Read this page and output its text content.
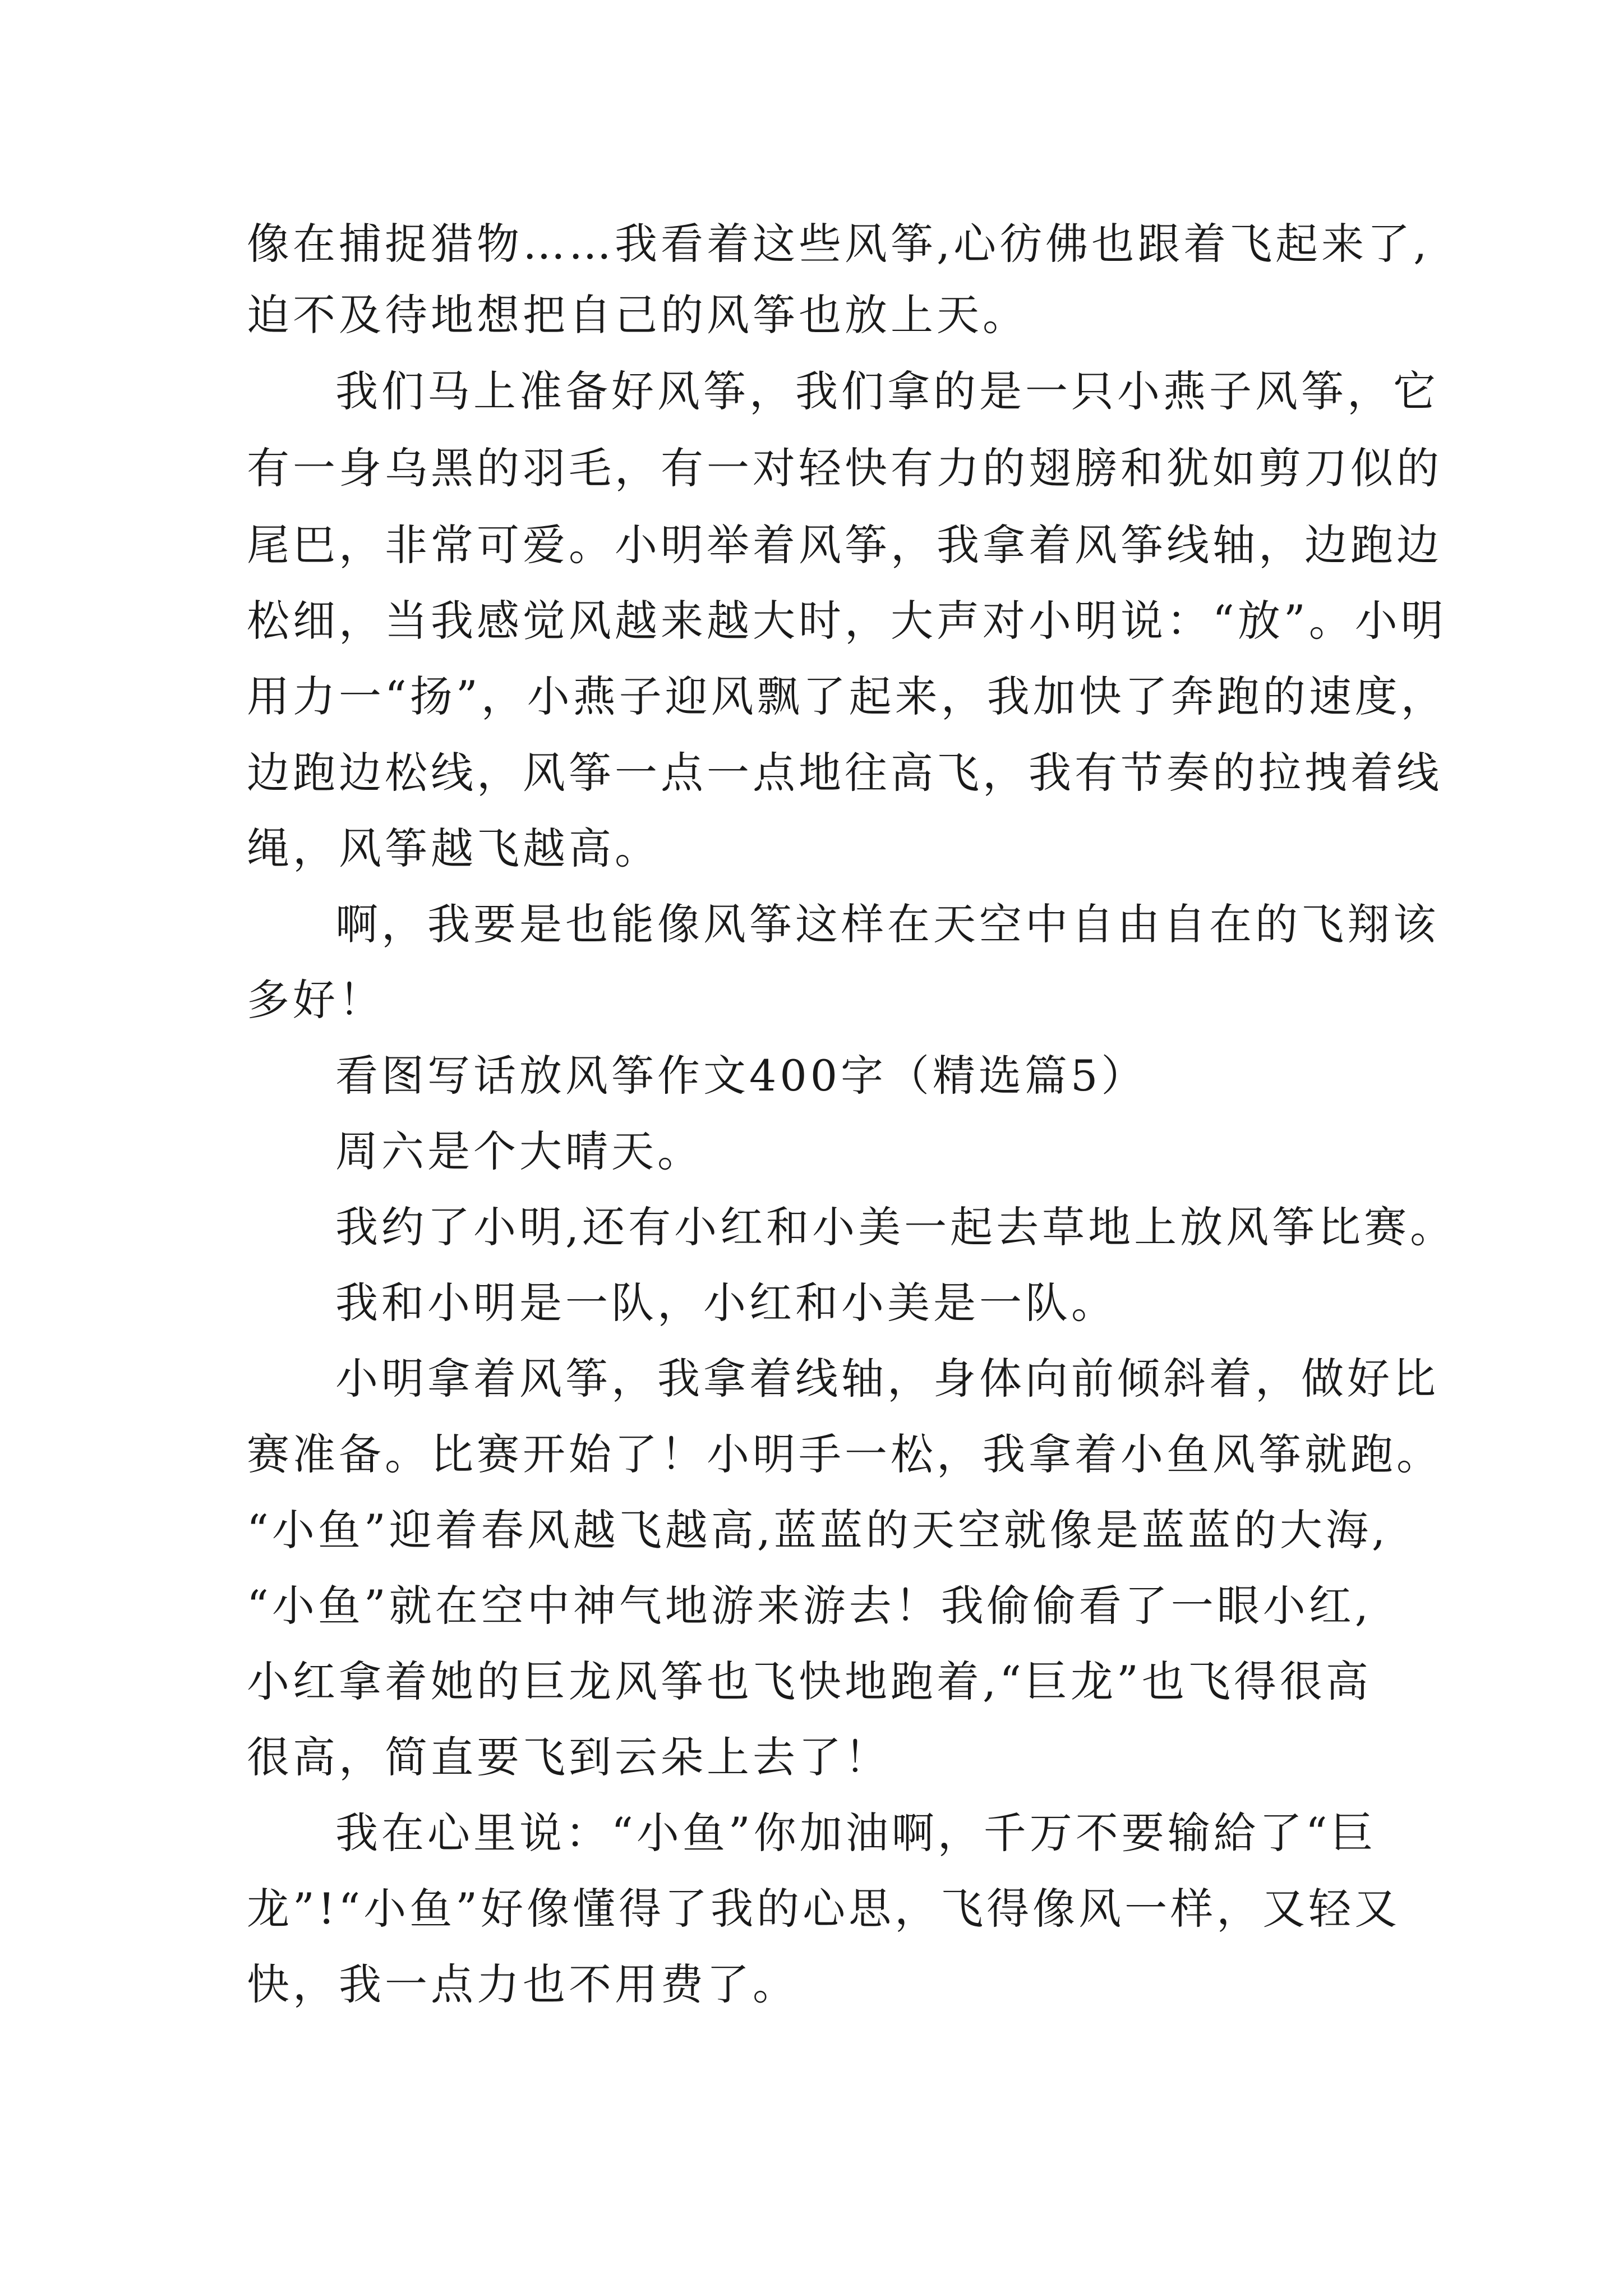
像在捕捉猎物……我看着这些风筝,心彷佛也跟着飞起来了,
迫不及待地想把自己的风筝也放上天。
我们马上准备好风筝，我们拿的是一只小燕子风筝，它
有一身乌黑的羽毛，有一对轻快有力的翅膀和犹如剪刀似的
尾巴，非常可爱。小明举着风筝，我拿着风筝线轴，边跑边
松细，当我感觉风越来越大时，大声对小明说：“放”。小明
用力一“扬”，小燕子迎风飘了起来，我加快了奔跑的速度，
边跑边松线，风筝一点一点地往高飞，我有节奏的拉拽着线
绳，风筝越飞越高。
啊，我要是也能像风筝这样在天空中自由自在的飞翔该
多好！
看图写话放风筝作文400字（精选篇5）
周六是个大晴天。
我约了小明,还有小红和小美一起去草地上放风筝比赛。
我和小明是一队，小红和小美是一队。
小明拿着风筝，我拿着线轴，身体向前倾斜着，做好比
赛准备。比赛开始了！小明手一松，我拿着小鱼风筝就跑。
“小鱼”迎着春风越飞越高,蓝蓝的天空就像是蓝蓝的大海,
“小鱼”就在空中神气地游来游去！我偷偷看了一眼小红,
小红拿着她的巨龙风筝也飞快地跑着,“巨龙”也飞得很高
很高，简直要飞到云朵上去了！
我在心里说：“小鱼”你加油啊，千万不要输給了“巨
龙”!“小鱼”好像懂得了我的心思，飞得像风一样，又轻又
快，我一点力也不用费了。
